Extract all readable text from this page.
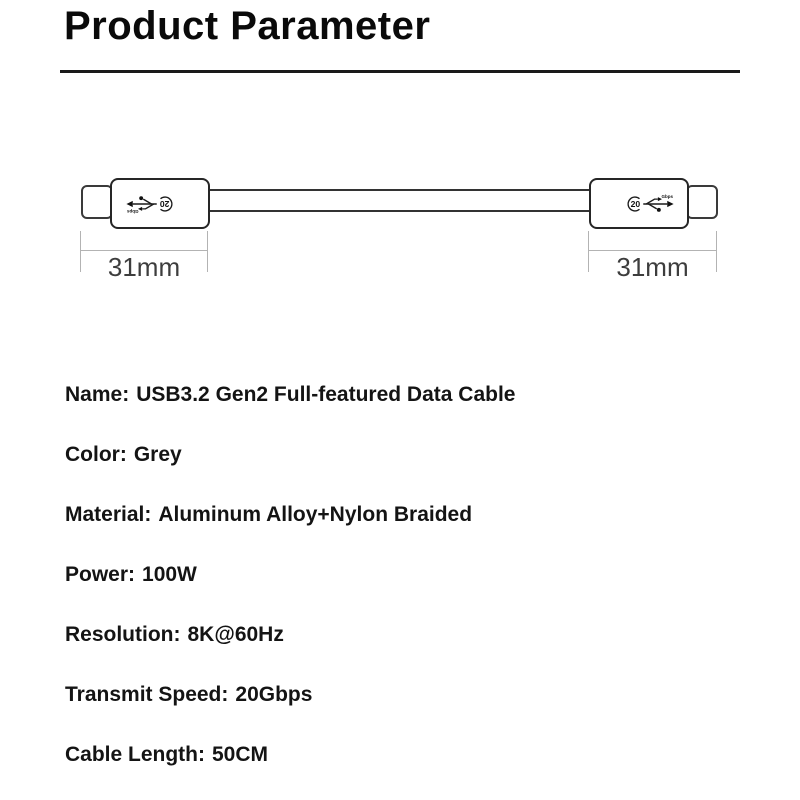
Product Parameter
20
Gbps
20
Gbps
31mm	31mm
Name: USB3.2 Gen2 Full-featured Data Cable
Color: Grey
Material: Aluminum Alloy+Nylon Braided
Power: 100W
Resolution: 8K@60Hz
Transmit Speed: 20Gbps
Cable Length: 50CM
